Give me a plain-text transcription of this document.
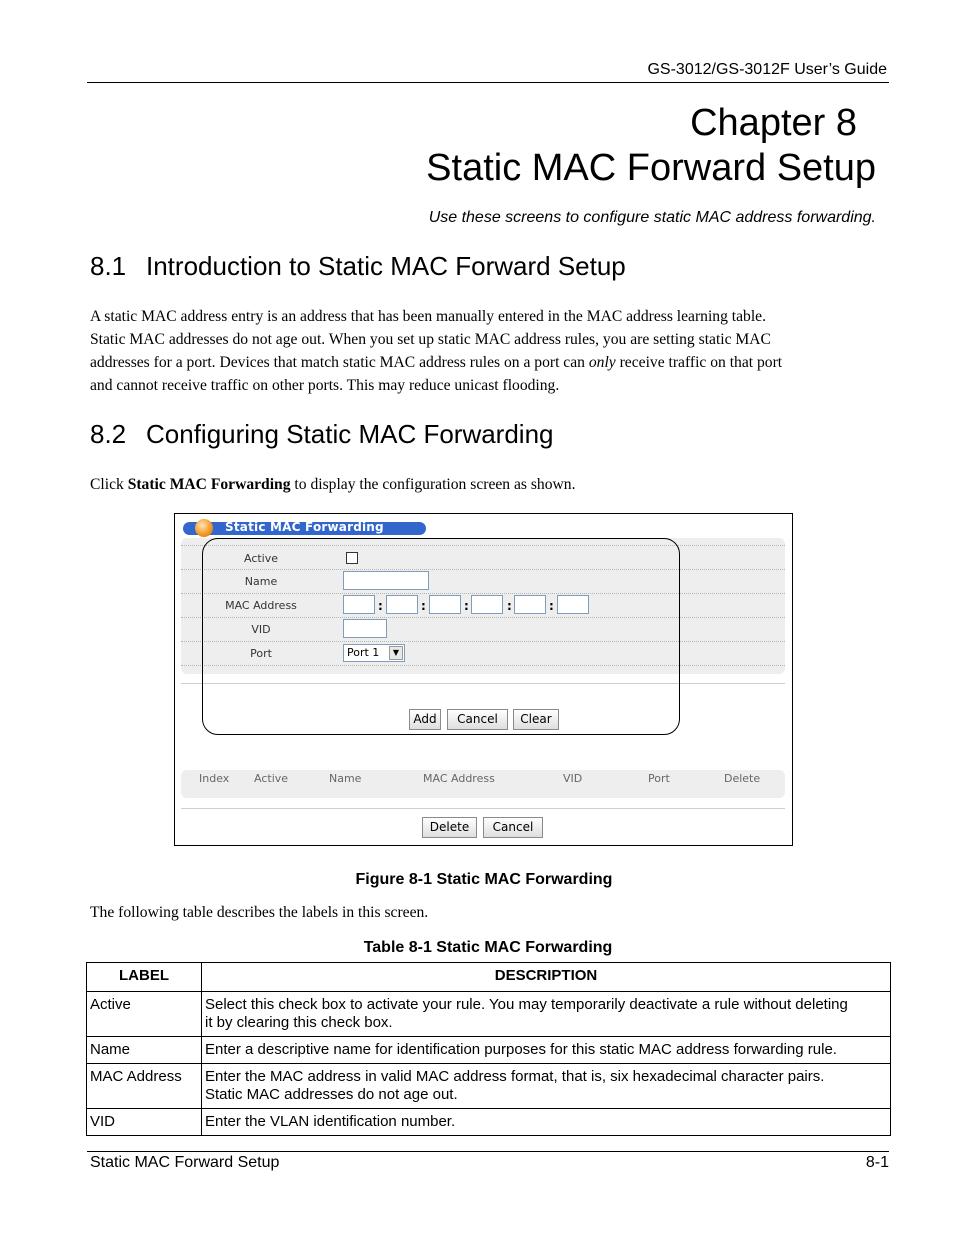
GS-3012/GS-3012F User’s Guide
Chapter 8
Static MAC Forward Setup
Use these screens to configure static MAC address forwarding.
8.1 Introduction to Static MAC Forward Setup
A static MAC address entry is an address that has been manually entered in the MAC address learning table.
Static MAC addresses do not age out. When you set up static MAC address rules, you are setting static MAC
addresses for a port. Devices that match static MAC address rules on a port can only receive traffic on that port
and cannot receive traffic on other ports. This may reduce unicast flooding.
8.2 Configuring Static MAC Forwarding
Click Static MAC Forwarding to display the configuration screen as shown.
Static MAC Forwarding
Active
Name
MAC Address	:	:	:	:	:
VID
Port	Port 1	▼
Add	Cancel	Clear
Index Active	Name	MAC Address	VID	Port	Delete
Delete	Cancel
Figure 8-1 Static MAC Forwarding
The following table describes the labels in this screen.
Table 8-1 Static MAC Forwarding
LABEL	DESCRIPTION
Active	Select this check box to activate your rule. You may temporarily deactivate a rule without deleting
it by clearing this check box.

Name	Enter a descriptive name for identification purposes for this static MAC address forwarding rule.

MAC Address	Enter the MAC address in valid MAC address format, that is, six hexadecimal character pairs.
Static MAC addresses do not age out.

VID	Enter the VLAN identification number.
Static MAC Forward Setup	8-1
